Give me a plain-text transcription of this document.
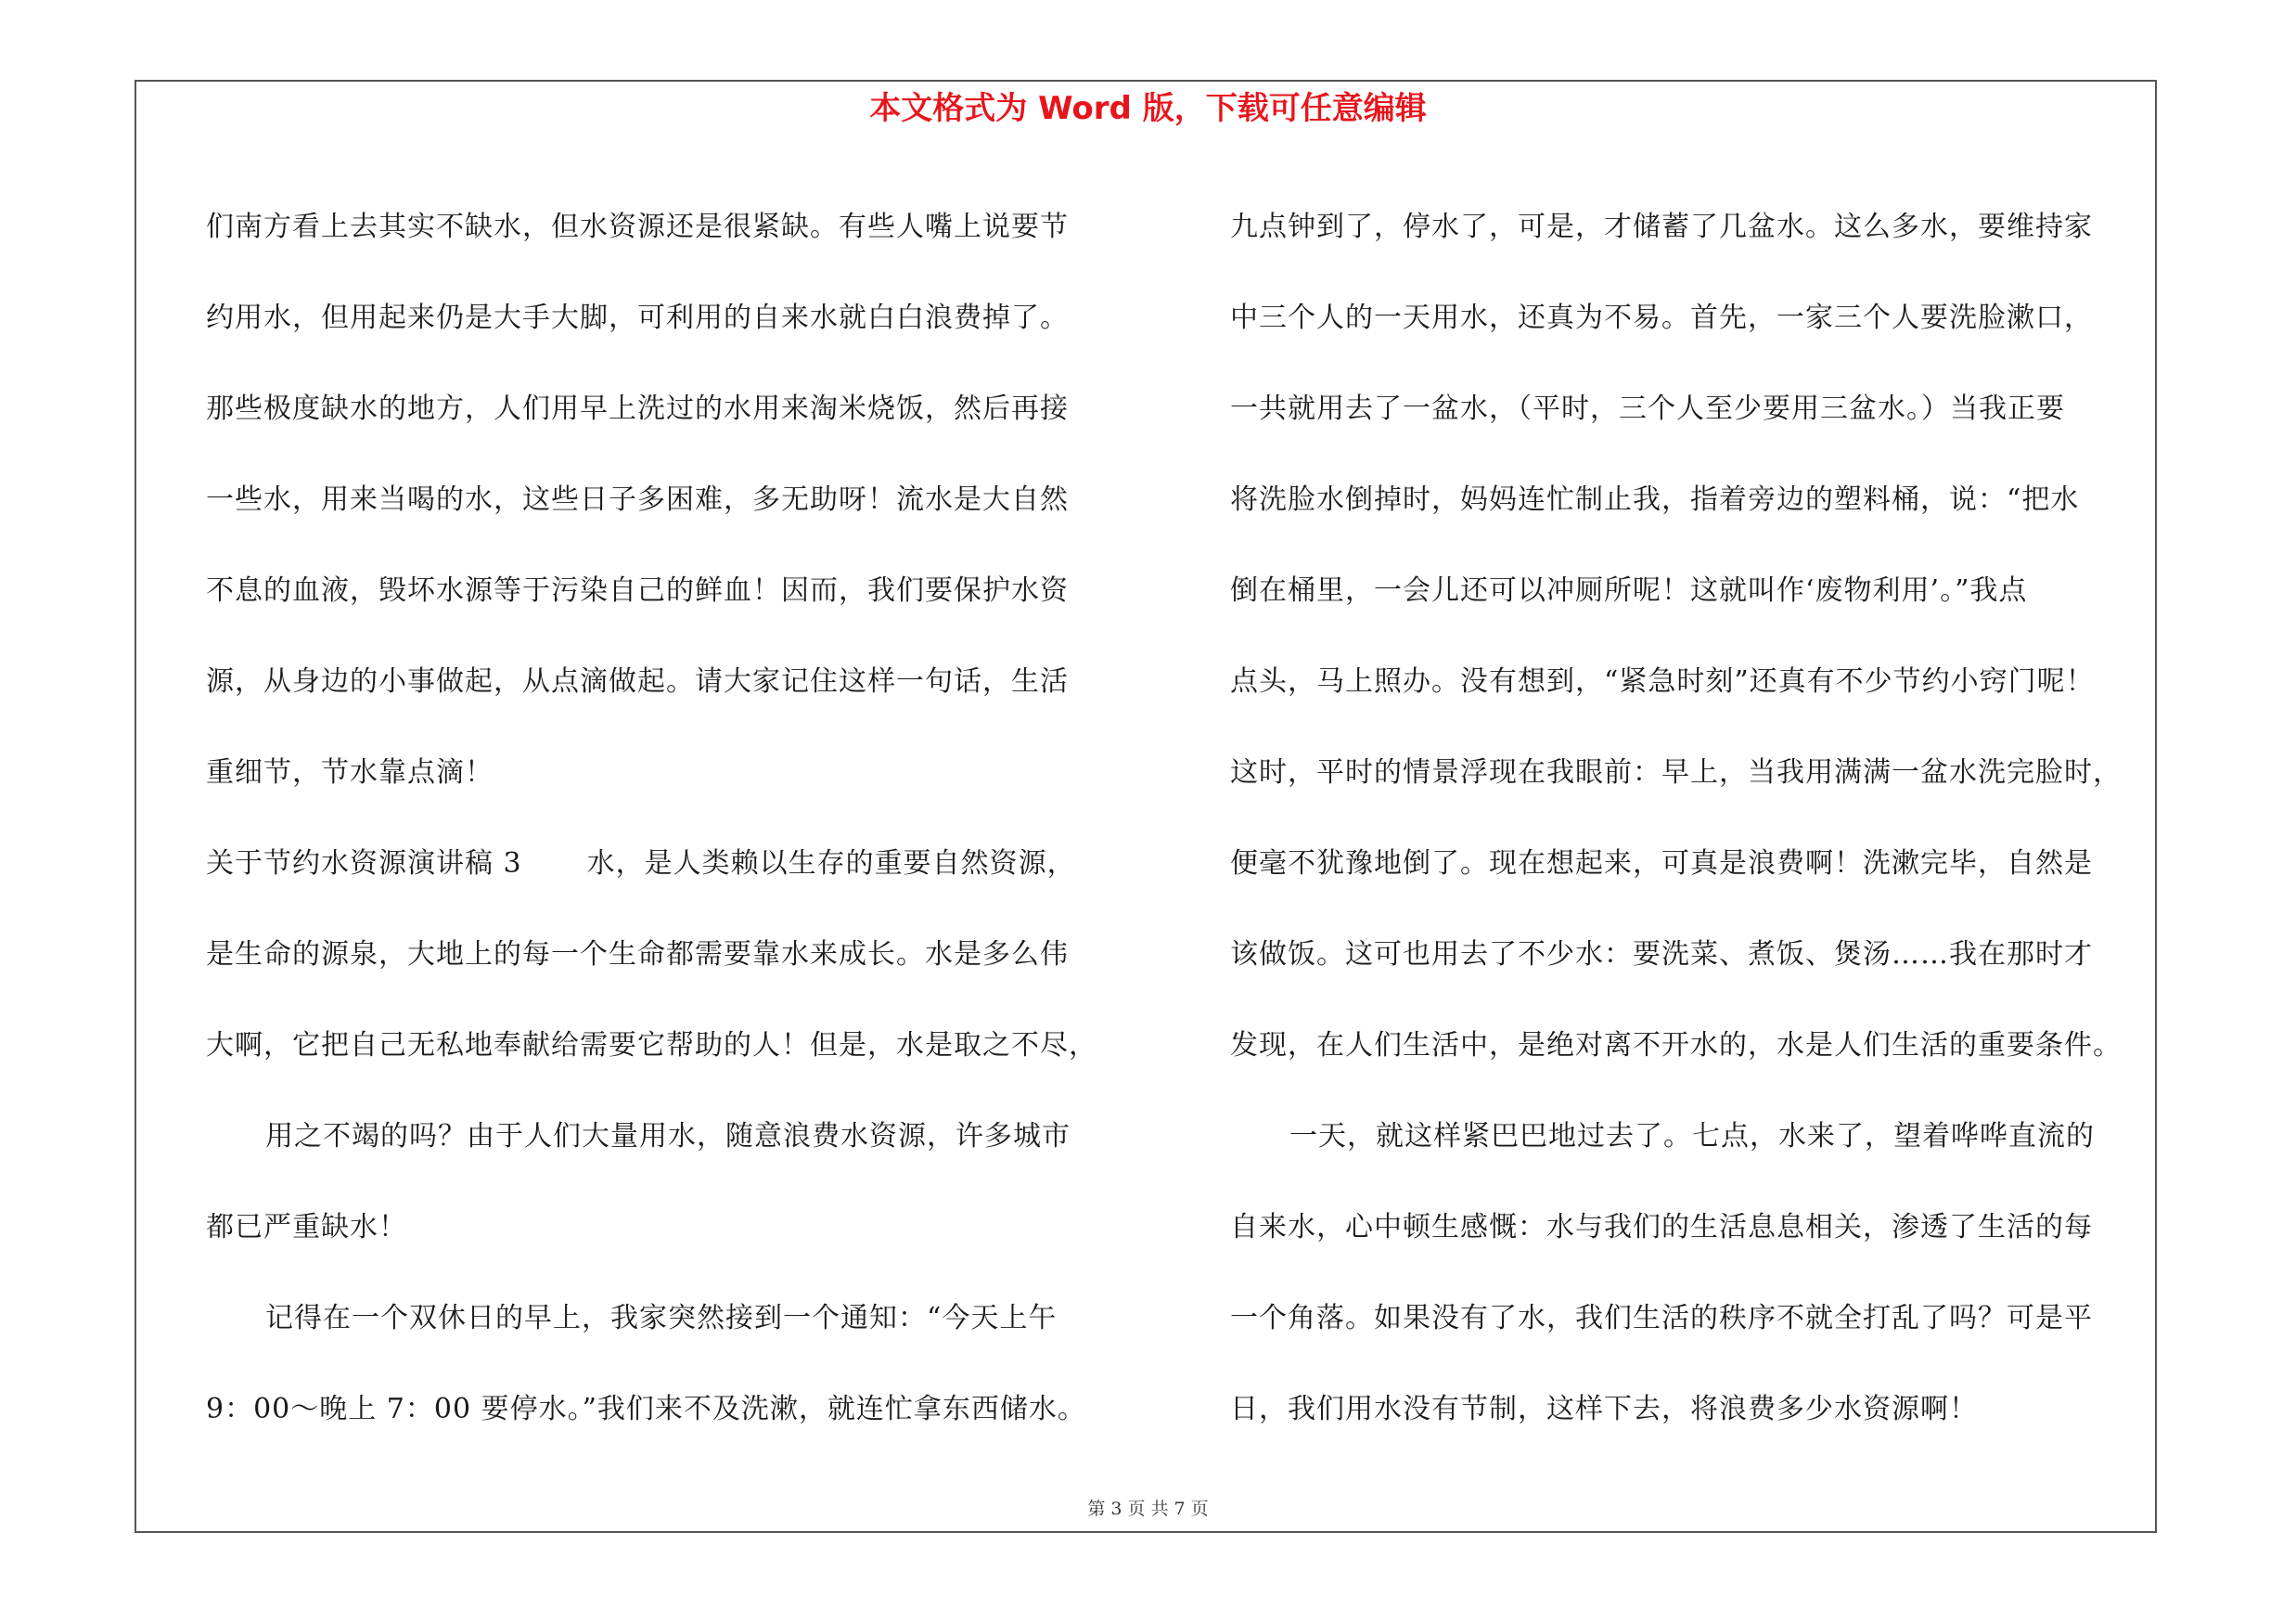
本文格式为 Word 版，下载可任意编辑

们南方看上去其实不缺水，但水资源还是很紧缺。有些人嘴上说要节
约用水，但用起来仍是大手大脚，可利用的自来水就白白浪费掉了。
那些极度缺水的地方，人们用早上洗过的水用来淘米烧饭，然后再接
一些水，用来当喝的水，这些日子多困难，多无助呀！流水是大自然
不息的血液，毁坏水源等于污染自己的鲜血！因而，我们要保护水资
源，从身边的小事做起，从点滴做起。请大家记住这样一句话，生活
重细节，节水靠点滴！
关于节约水资源演讲稿 3 水，是人类赖以生存的重要自然资源，
是生命的源泉，大地上的每一个生命都需要靠水来成长。水是多么伟
大啊，它把自己无私地奉献给需要它帮助的人！但是，水是取之不尽，
用之不竭的吗？由于人们大量用水，随意浪费水资源，许多城市
都已严重缺水！
记得在一个双休日的早上，我家突然接到一个通知：“今天上午
9：00～晚上 7：00 要停水。”我们来不及洗漱，就连忙拿东西储水。
九点钟到了，停水了，可是，才储蓄了几盆水。这么多水，要维持家
中三个人的一天用水，还真为不易。首先，一家三个人要洗脸漱口，
一共就用去了一盆水，（平时，三个人至少要用三盆水。）当我正要
将洗脸水倒掉时，妈妈连忙制止我，指着旁边的塑料桶，说：“把水
倒在桶里，一会儿还可以冲厕所呢！这就叫作‘废物利用’。”我点
点头，马上照办。没有想到，“紧急时刻”还真有不少节约小窍门呢！
这时，平时的情景浮现在我眼前：早上，当我用满满一盆水洗完脸时，
便毫不犹豫地倒了。现在想起来，可真是浪费啊！洗漱完毕，自然是
该做饭。这可也用去了不少水：要洗菜、煮饭、煲汤……我在那时才
发现，在人们生活中，是绝对离不开水的，水是人们生活的重要条件。
一天，就这样紧巴巴地过去了。七点，水来了，望着哗哗直流的
自来水，心中顿生感慨：水与我们的生活息息相关，渗透了生活的每
一个角落。如果没有了水，我们生活的秩序不就全打乱了吗？可是平
日，我们用水没有节制，这样下去，将浪费多少水资源啊！

第 3 页 共 7 页
